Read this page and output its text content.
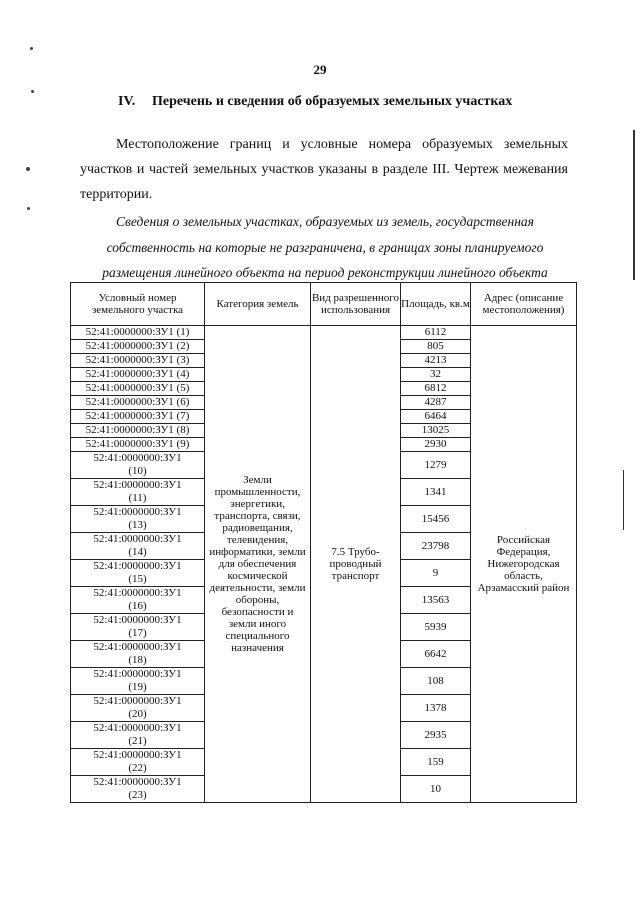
29
IV. Перечень и сведения об образуемых земельных участках
Местоположение границ и условные номера образуемых земельных
участков и частей земельных участков указаны в разделе III. Чертеж межевания
территории.
Сведения о земельных участках, образуемых из земель, государственная
собственность на которые не разграничена, в границах зоны планируемого
размещения линейного объекта на период реконструкции линейного объекта
Условный номер земельного участка	Категория земель	Вид разрешенного использования	Площадь, кв.м	Адрес (описание местоположения)
52:41:0000000:ЗУ1 (1)	Земли промышленности, энергетики, транспорта, связи, радиовещания, телевидения, информатики, земли для обеспечения космической деятельности, земли обороны, безопасности и земли иного специального назначения	7.5 Трубо-проводный транспорт	6112	Российская Федерация, Нижегородская область, Арзамасский район
52:41:0000000:ЗУ1 (2)			805	
52:41:0000000:ЗУ1 (3)			4213	
52:41:0000000:ЗУ1 (4)			32	
52:41:0000000:ЗУ1 (5)			6812	
52:41:0000000:ЗУ1 (6)			4287	
52:41:0000000:ЗУ1 (7)			6464	
52:41:0000000:ЗУ1 (8)			13025	
52:41:0000000:ЗУ1 (9)			2930	

52:41:0000000:ЗУ1
(10)			1279	

52:41:0000000:ЗУ1
(11)			1341	

52:41:0000000:ЗУ1
(13)			15456	

52:41:0000000:ЗУ1
(14)			23798	

52:41:0000000:ЗУ1
(15)			9	

52:41:0000000:ЗУ1
(16)			13563	

52:41:0000000:ЗУ1
(17)			5939	

52:41:0000000:ЗУ1
(18)			6642	

52:41:0000000:ЗУ1
(19)			108	

52:41:0000000:ЗУ1
(20)			1378	

52:41:0000000:ЗУ1
(21)			2935	

52:41:0000000:ЗУ1
(22)			159	

52:41:0000000:ЗУ1
(23)			10	
